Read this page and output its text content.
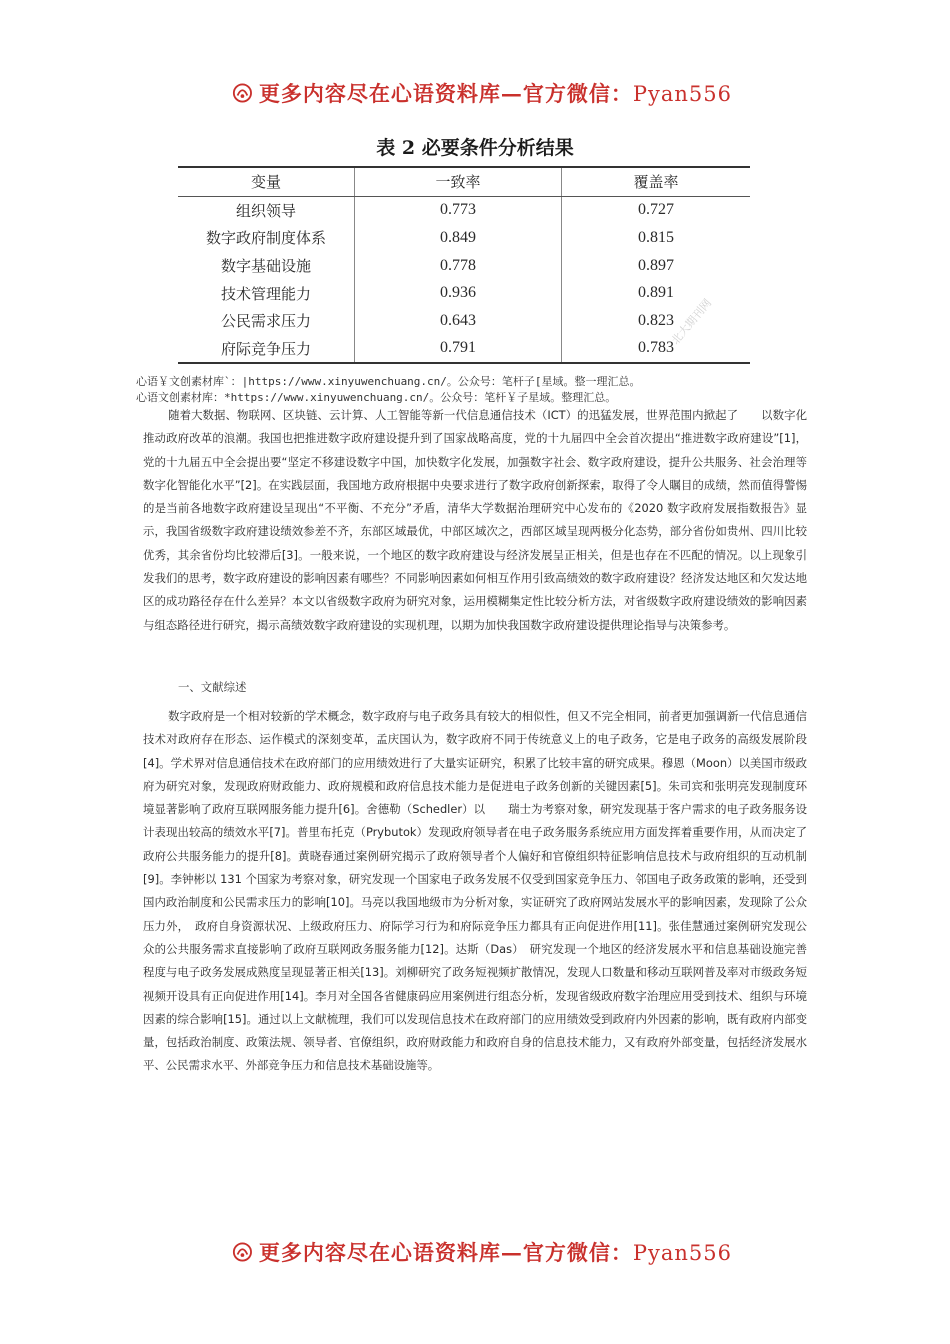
更多内容尽在心语资料库—官方微信：Pyan556
表 2 必要条件分析结果
变量	一致率	覆盖率
组织领导	0.773	0.727
数字政府制度体系	0.849	0.815
数字基础设施	0.778	0.897
技术管理能力	0.936	0.891
公民需求压力	0.643	0.823
府际竞争压力	0.791	0.783
北大期刊网
心语￥文创素材库`：|https://www.xinyuwenchuang.cn/。公众号：笔杆子[星域。整一理汇总。
心语文创素材库：*https://www.xinyuwenchuang.cn/。公众号：笔杆￥子星域。整理汇总。

随着大数据、物联网、区块链、云计算、人工智能等新一代信息通信技术（ICT）的迅猛发展，世界范围内掀起了　　以数字化推动政府改革的浪潮。我国也把推进数字政府建设提升到了国家战略高度，党的十九届四中全会首次提出“推进数字政府建设”[1]，党的十九届五中全会提出要“坚定不移建设数字中国，加快数字化发展，加强数字社会、数字政府建设，提升公共服务、社会治理等数字化智能化水平”[2]。在实践层面，我国地方政府根据中央要求进行了数字政府创新探索，取得了令人瞩目的成绩，然而值得警惕的是当前各地数字政府建设呈现出“不平衡、不充分”矛盾，清华大学数据治理研究中心发布的《2020 数字政府发展指数报告》显示，我国省级数字政府建设绩效参差不齐，东部区域最优，中部区域次之，西部区域呈现两极分化态势，部分省份如贵州、四川比较优秀，其余省份均比较滞后[3]。一般来说，一个地区的数字政府建设与经济发展呈正相关，但是也存在不匹配的情况。以上现象引发我们的思考，数字政府建设的影响因素有哪些？不同影响因素如何相互作用引致高绩效的数字政府建设？经济发达地区和欠发达地区的成功路径存在什么差异？本文以省级数字政府为研究对象，运用模糊集定性比较分析方法，对省级数字政府建设绩效的影响因素与组态路径进行研究，揭示高绩效数字政府建设的实现机理，以期为加快我国数字政府建设提供理论指导与决策参考。

一、文献综述

数字政府是一个相对较新的学术概念，数字政府与电子政务具有较大的相似性，但又不完全相同，前者更加强调新一代信息通信技术对政府存在形态、运作模式的深刻变革，孟庆国认为，数字政府不同于传统意义上的电子政务，它是电子政务的高级发展阶段[4]。学术界对信息通信技术在政府部门的应用绩效进行了大量实证研究，积累了比较丰富的研究成果。穆恩（Moon）以美国市级政府为研究对象，发现政府财政能力、政府规模和政府信息技术能力是促进电子政务创新的关键因素[5]。朱司宾和张明亮发现制度环境显著影响了政府互联网服务能力提升[6]。舍德勒（Schedler）以　　瑞士为考察对象，研究发现基于客户需求的电子政务服务设计表现出较高的绩效水平[7]。普里布托克（Prybutok）发现政府领导者在电子政务服务系统应用方面发挥着重要作用，从而决定了政府公共服务能力的提升[8]。黄晓春通过案例研究揭示了政府领导者个人偏好和官僚组织特征影响信息技术与政府组织的互动机制[9]。李钟彬以 131 个国家为考察对象，研究发现一个国家电子政务发展不仅受到国家竞争压力、邻国电子政务政策的影响，还受到国内政治制度和公民需求压力的影响[10]。马亮以我国地级市为分析对象，实证研究了政府网站发展水平的影响因素，发现除了公众压力外，　政府自身资源状况、上级政府压力、府际学习行为和府际竞争压力都具有正向促进作用[11]。张佳慧通过案例研究发现公众的公共服务需求直接影响了政府互联网政务服务能力[12]。达斯（Das）　研究发现一个地区的经济发展水平和信息基础设施完善程度与电子政务发展成熟度呈现显著正相关[13]。刘柳研究了政务短视频扩散情况，发现人口数量和移动互联网普及率对市级政务短视频开设具有正向促进作用[14]。李月对全国各省健康码应用案例进行组态分析，发现省级政府数字治理应用受到技术、组织与环境因素的综合影响[15]。通过以上文献梳理，我们可以发现信息技术在政府部门的应用绩效受到政府内外因素的影响，既有政府内部变量，包括政治制度、政策法规、领导者、官僚组织，政府财政能力和政府自身的信息技术能力，又有政府外部变量，包括经济发展水平、公民需求水平、外部竞争压力和信息技术基础设施等。

更多内容尽在心语资料库—官方微信：Pyan556
